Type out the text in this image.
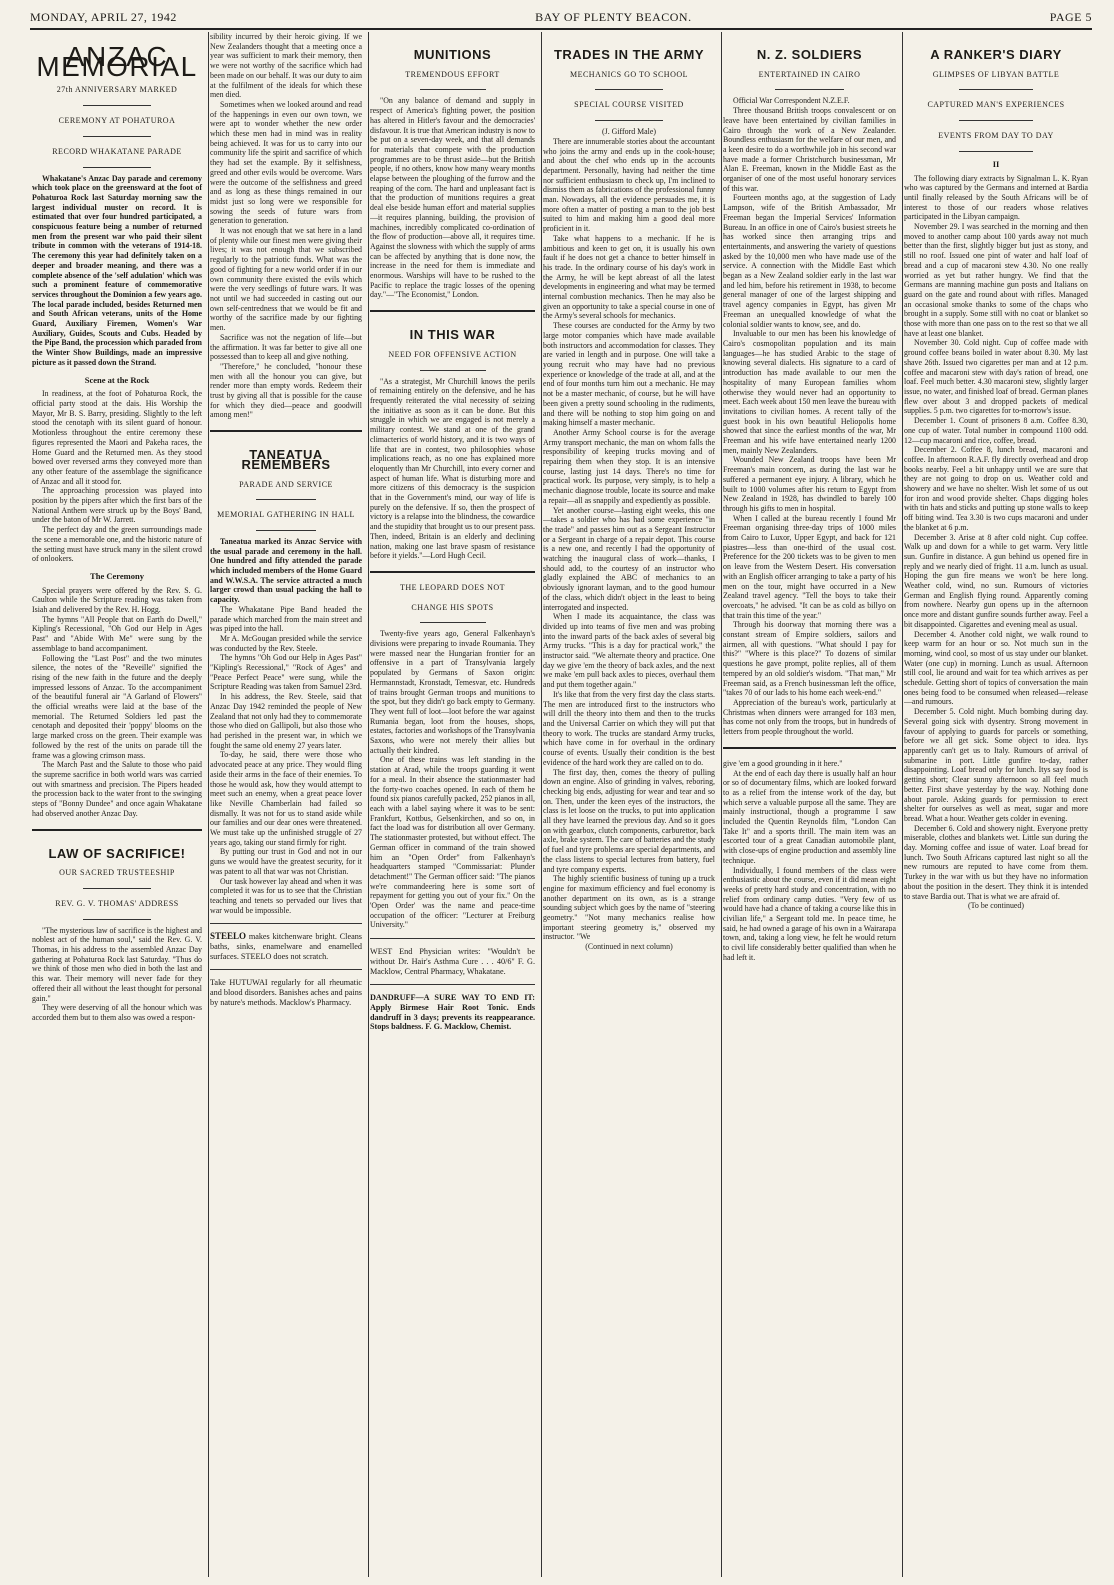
MONDAY, APRIL 27, 1942	BAY OF PLENTY BEACON.	PAGE 5
ANZAC MEMORIAL
27th ANNIVERSARY MARKED
CEREMONY AT POHATUROA
RECORD WHAKATANE PARADE

Whakatane's Anzac Day parade and ceremony which took place on the greensward at the foot of Pohaturoa Rock last Saturday morning saw the largest individual muster on record. It is estimated that over four hundred participated, a conspicuous feature being a number of returned men from the present war who paid their silent tribute in common with the veterans of 1914-18. The ceremony this year had definitely taken on a deeper and broader meaning, and there was a complete absence of the 'self adulation' which was such a prominent feature of commemorative services throughout the Dominion a few years ago. The local parade included, besides Returned men and South African veterans, units of the Home Guard, Auxiliary Firemen, Women's War Auxiliary, Guides, Scouts and Cubs. Headed by the Pipe Band, the procession which paraded from the Winter Show Buildings, made an impressive picture as it passed down the Strand.

Scene at the Rock

In readiness, at the foot of Pohaturoa Rock, the official party stood at the dais. His Worship the Mayor, Mr B. S. Barry, presiding. Slightly to the left stood the cenotaph with its silent guard of honour. Motionless throughout the entire ceremony these figures represented the Maori and Pakeha races, the Home Guard and the Returned men. As they stood bowed over reversed arms they conveyed more than any other feature of the assemblage the significance of Anzac and all it stood for.

The approaching procession was played into position by the pipers after which the first bars of the National Anthem were struck up by the Boys' Band, under the baton of Mr W. Jarrett.

The perfect day and the green surroundings made the scene a memorable one, and the historic nature of the setting must have struck many in the silent crowd of onlookers.

The Ceremony

Special prayers were offered by the Rev. S. G. Caulton while the Scripture reading was taken from Isiah and delivered by the Rev. H. Hogg.

The hymns "All People that on Earth do Dwell," Kipling's Recessional, "Oh God our Help in Ages Past" and "Abide With Me" were sung by the assemblage to band accompaniment.

Following the "Last Post" and the two minutes silence, the notes of the "Reveille" signified the rising of the new faith in the future and the deeply impressed lessons of Anzac. To the accompaniment of the beautiful funeral air "A Garland of Flowers" the official wreaths were laid at the base of the memorial. The Returned Soldiers led past the cenotaph and deposited their 'poppy' blooms on the large marked cross on the green. Their example was followed by the rest of the units on parade till the frame was a glowing crimson mass.

The March Past and the Salute to those who paid the supreme sacrifice in both world wars was carried out with smartness and precision. The Pipers headed the procession back to the water front to the swinging steps of "Bonny Dundee" and once again Whakatane had observed another Anzac Day.

LAW OF SACRIFICE!
OUR SACRED TRUSTEESHIP
REV. G. V. THOMAS' ADDRESS

"The mysterious law of sacrifice is the highest and noblest act of the human soul," said the Rev. G. V. Thomas, in his address to the assembled Anzac Day gathering at Pohaturoa Rock last Saturday. "Thus do we think of those men who died in both the last and this war. Their memory will never fade for they offered their all without the least thought for personal gain."

They were deserving of all the honour which was accorded them but to them also was owed a respon-

sibility incurred by their heroic giving. If we New Zealanders thought that a meeting once a year was sufficient to mark their memory, then we were not worthy of the sacrifice which had been made on our behalf. It was our duty to aim at the fulfilment of the ideals for which these men died.

Sometimes when we looked around and read of the happenings in even our own town, we were apt to wonder whether the new order which these men had in mind was in reality being achieved. It was for us to carry into our community life the spirit and sacrifice of which they had set the example. By it selfishness, greed and other evils would be overcome. Wars were the outcome of the selfishness and greed and as long as these things remained in our midst just so long were we responsible for sowing the seeds of future wars from generation to generation.

It was not enough that we sat here in a land of plenty while our finest men were giving their lives; it was not enough that we subscribed regularly to the patriotic funds. What was the good of fighting for a new world order if in our own community there existed the evils which were the very seedlings of future wars. It was not until we had succeeded in casting out our own self-centredness that we would be fit and worthy of the sacrifice made by our fighting men.

Sacrifice was not the negation of life—but the affirmation. It was far better to give all one possessed than to keep all and give nothing.

"Therefore," he concluded, "honour these men with all the honour you can give, but render more than empty words. Redeem their trust by giving all that is possible for the cause for which they died—peace and goodwill among men!"

TANEATUA REMEMBERS
PARADE AND SERVICE
MEMORIAL GATHERING IN HALL

Taneatua marked its Anzac Service with the usual parade and ceremony in the hall. One hundred and fifty attended the parade which included members of the Home Guard and W.W.S.A. The service attracted a much larger crowd than usual packing the hall to capacity.

The Whakatane Pipe Band headed the parade which marched from the main street and was piped into the hall.

Mr A. McGougan presided while the service was conducted by the Rev. Steele.

The hymns "Oh God our Help in Ages Past" "Kipling's Recessional," "Rock of Ages" and "Peace Perfect Peace" were sung, while the Scripture Reading was taken from Samuel 23rd.

In his address, the Rev. Steele, said that Anzac Day 1942 reminded the people of New Zealand that not only had they to commemorate those who died on Gallipoli, but also those who had perished in the present war, in which we fought the same old enemy 27 years later.

To-day, he said, there were those who advocated peace at any price. They would fling aside their arms in the face of their enemies. To those he would ask, how they would attempt to meet such an enemy, when a great peace lover like Neville Chamberlain had failed so dismally. It was not for us to stand aside while our families and our dear ones were threatened. We must take up the unfinished struggle of 27 years ago, taking our stand firmly for right.

By putting our trust in God and not in our guns we would have the greatest security, for it was patent to all that war was not Christian.

Our task however lay ahead and when it was completed it was for us to see that the Christian teaching and tenets so pervaded our lives that war would be impossible.

STEELO makes kitchenware bright. Cleans baths, sinks, enamelware and enamelled surfaces. STEELO does not scratch.

Take HUTUWAI regularly for all rheumatic and blood disorders. Banishes aches and pains by nature's methods. Macklow's Pharmacy.

MUNITIONS
TREMENDOUS EFFORT

"On any balance of demand and supply in respect of America's fighting power, the position has altered in Hitler's favour and the democracies' disfavour. It is true that American industry is now to be put on a seven-day week, and that all demands for materials that compete with the production programmes are to be thrust aside—but the British people, if no others, know how many weary months elapse between the ploughing of the furrow and the reaping of the corn. The hard and unpleasant fact is that the production of munitions requires a great deal else beside human effort and material supplies—it requires planning, building, the provision of machines, incredibly complicated co-ordination of the flow of production—above all, it requires time. Against the slowness with which the supply of arms can be affected by anything that is done now, the increase in the need for them is immediate and enormous. Warships will have to be rushed to the Pacific to replace the tragic losses of the opening day."—"The Economist," London.

IN THIS WAR
NEED FOR OFFENSIVE ACTION

"As a strategist, Mr Churchill knows the perils of remaining entirely on the defensive, and he has frequently reiterated the vital necessity of seizing the initiative as soon as it can be done. But this struggle in which we are engaged is not merely a military contest. We stand at one of the grand climacterics of world history, and it is two ways of life that are in contest, two philosophies whose implications reach, as no one has explained more eloquently than Mr Churchill, into every corner and aspect of human life. What is disturbing more and more citizens of this democracy is the suspicion that in the Government's mind, our way of life is purely on the defensive. If so, then the prospect of victory is a relapse into the blindness, the cowardice and the stupidity that brought us to our present pass. Then, indeed, Britain is an elderly and declining nation, making one last brave spasm of resistance before it yields."—Lord Hugh Cecil.

THE LEOPARD DOES NOT
CHANGE HIS SPOTS

Twenty-five years ago, General Falkenhayn's divisions were preparing to invade Roumania. They were massed near the Hungarian frontier for an offensive in a part of Transylvania largely populated by Germans of Saxon origin: Hermannstadt, Kronstadt, Temesvar, etc. Hundreds of trains brought German troops and munitions to the spot, but they didn't go back empty to Germany. They went full of loot—loot before the war against Rumania began, loot from the houses, shops, estates, factories and workshops of the Transylvania Saxons, who were not merely their allies but actually their kindred.

One of these trains was left standing in the station at Arad, while the troops guarding it went for a meal. In their absence the stationmaster had the forty-two coaches opened. In each of them he found six pianos carefully packed, 252 pianos in all, each with a label saying where it was to be sent: Frankfurt, Kottbus, Gelsenkirchen, and so on, in fact the load was for distribution all over Germany. The stationmaster protested, but without effect. The German officer in command of the train showed him an "Open Order" from Falkenhayn's headquarters stamped "Commissariat: Plunder detachment!" The German officer said: "The pianos we're commandeering here is some sort of repayment for getting you out of your fix." On the 'Open Order' was the name and peace-time occupation of the officer: "Lecturer at Freiburg University."

WEST End Physician writes: "Wouldn't be without Dr. Hair's Asthma Cure . . . 40/6" F. G. Macklow, Central Pharmacy, Whakatane.

DANDRUFF—A SURE WAY TO END IT: Apply Birmese Hair Root Tonic. Ends dandruff in 3 days; prevents its reappearance. Stops baldness. F. G. Macklow, Chemist.

TRADES IN THE ARMY
MECHANICS GO TO SCHOOL
SPECIAL COURSE VISITED

(J. Gifford Male)

There are innumerable stories about the accountant who joins the army and ends up in the cook-house; and about the chef who ends up in the accounts department. Personally, having had neither the time nor sufficient enthusiasm to check up, I'm inclined to dismiss them as fabrications of the professional funny man. Nowadays, all the evidence persuades me, it is more often a matter of posting a man to the job best suited to him and making him a good deal more proficient in it.

Take what happens to a mechanic. If he is ambitious and keen to get on, it is usually his own fault if he does not get a chance to better himself in his trade. In the ordinary course of his day's work in the Army, he will be kept abreast of all the latest developments in engineering and what may be termed internal combustion mechanics. Then he may also be given an opportunity to take a special course in one of the Army's several schools for mechanics.

These courses are conducted for the Army by two large motor companies which have made available both instructors and accommodation for classes. They are varied in length and in purpose. One will take a young recruit who may have had no previous experience or knowledge of the trade at all, and at the end of four months turn him out a mechanic. He may not be a master mechanic, of course, but he will have been given a pretty sound schooling in the rudiments, and there will be nothing to stop him going on and making himself a master mechanic.

Another Army School course is for the average Army transport mechanic, the man on whom falls the responsibility of keeping trucks moving and of repairing them when they stop. It is an intensive course, lasting just 14 days. There's no time for practical work. Its purpose, very simply, is to help a mechanic diagnose trouble, locate its source and make a repair—all as snappily and expediently as possible.

Yet another course—lasting eight weeks, this one—takes a soldier who has had some experience "in the trade" and passes him out as a Sergeant Instructor or a Sergeant in charge of a repair depot. This course is a new one, and recently I had the opportunity of watching the inaugural class of work—thanks, I should add, to the courtesy of an instructor who gladly explained the ABC of mechanics to an obviously ignorant layman, and to the good humour of the class, which didn't object in the least to being interrogated and inspected.

When I made its acquaintance, the class was divided up into teams of five men and was probing into the inward parts of the back axles of several big Army trucks. "This is a day for practical work," the instructor said. "We alternate theory and practice. One day we give 'em the theory of back axles, and the next we make 'em pull back axles to pieces, overhaul them and put them together again."

It's like that from the very first day the class starts. The men are introduced first to the instructors who will drill the theory into them and then to the trucks and the Universal Carrier on which they will put that theory to work. The trucks are standard Army trucks, which have come in for overhaul in the ordinary course of events. Usually their condition is the best evidence of the hard work they are called on to do.

The first day, then, comes the theory of pulling down an engine. Also of grinding in valves, reboring, checking big ends, adjusting for wear and tear and so on. Then, under the keen eyes of the instructors, the class is let loose on the trucks, to put into application all they have learned the previous day. And so it goes on with gearbox, clutch components, carburettor, back axle, brake system. The care of batteries and the study of fuel and tyre problems are special departments, and the class listens to special lectures from battery, fuel and tyre company experts.

The highly scientific business of tuning up a truck engine for maximum efficiency and fuel economy is another department on its own, as is a strange sounding subject which goes by the name of "steering geometry." "Not many mechanics realise how important steering geometry is," observed my instructor. "We

(Continued in next column)

N. Z. SOLDIERS
ENTERTAINED IN CAIRO

Official War Correspondent N.Z.E.F.

Three thousand British troops convalescent or on leave have been entertained by civilian families in Cairo through the work of a New Zealander. Boundless enthusiasm for the welfare of our men, and a keen desire to do a worthwhile job in his second war have made a former Christchurch businessman, Mr Alan E. Freeman, known in the Middle East as the organiser of one of the most useful honorary services of this war.

Fourteen months ago, at the suggestion of Lady Lampson, wife of the British Ambassador, Mr Freeman began the Imperial Services' Information Bureau. In an office in one of Cairo's busiest streets he has worked since then arranging trips and entertainments, and answering the variety of questions asked by the 10,000 men who have made use of the service. A connection with the Middle East which began as a New Zealand soldier early in the last war and led him, before his retirement in 1938, to become general manager of one of the largest shipping and travel agency companies in Egypt, has given Mr Freeman an unequalled knowledge of what the colonial soldier wants to know, see, and do.

Invaluable to our men has been his knowledge of Cairo's cosmopolitan population and its main languages—he has studied Arabic to the stage of knowing several dialects. His signature to a card of introduction has made available to our men the hospitality of many European families whom otherwise they would never had an opportunity to meet. Each week about 150 men leave the bureau with invitations to civilian homes. A recent tally of the guest book in his own beautiful Heliopolis home showed that since the earliest months of the war, Mr Freeman and his wife have entertained nearly 1200 men, mainly New Zealanders.

Wounded New Zealand troops have been Mr Freeman's main concern, as during the last war he suffered a permanent eye injury. A library, which he built to 1000 volumes after his return to Egypt from New Zealand in 1928, has dwindled to barely 100 through his gifts to men in hospital.

When I called at the bureau recently I found Mr Freeman organising three-day trips of 1000 miles from Cairo to Luxor, Upper Egypt, and back for 121 piastres—less than one-third of the usual cost. Preference for the 200 tickets was to be given to men on leave from the Western Desert. His conversation with an English officer arranging to take a party of his men on the tour, might have occurred in a New Zealand travel agency. "Tell the boys to take their overcoats," he advised. "It can be as cold as billyo on that train this time of the year."

Through his doorway that morning there was a constant stream of Empire soldiers, sailors and airmen, all with questions. "What should I pay for this?" "Where is this place?" To dozens of similar questions he gave prompt, polite replies, all of them tempered by an old soldier's wisdom. "That man," Mr Freeman said, as a French businessman left the office, "takes 70 of our lads to his home each week-end."

Appreciation of the bureau's work, particularly at Christmas when dinners were arranged for 183 men, has come not only from the troops, but in hundreds of letters from people throughout the world.

give 'em a good grounding in it here."

At the end of each day there is usually half an hour or so of documentary films, which are looked forward to as a relief from the intense work of the day, but which serve a valuable purpose all the same. They are mainly instructional, though a programme I saw included the Quentin Reynolds film, "London Can Take It" and a sports thrill. The main item was an escorted tour of a great Canadian automobile plant, with close-ups of engine production and assembly line technique.

Individually, I found members of the class were enthusiastic about the course, even if it did mean eight weeks of pretty hard study and concentration, with no relief from ordinary camp duties. "Very few of us would have had a chance of taking a course like this in civilian life," a Sergeant told me. In peace time, he said, he had owned a garage of his own in a Wairarapa town, and, taking a long view, he felt he would return to civil life considerably better qualified than when he had left it.

A RANKER'S DIARY
GLIMPSES OF LIBYAN BATTLE
CAPTURED MAN'S EXPERIENCES
EVENTS FROM DAY TO DAY
II

The following diary extracts by Signalman L. K. Ryan who was captured by the Germans and interned at Bardia until finally released by the South Africans will be of interest to those of our readers whose relatives participated in the Libyan campaign.

November 29. I was searched in the morning and then moved to another camp about 100 yards away not much better than the first, slightly bigger but just as stony, and still no roof. Issued one pint of water and half loaf of bread and a cup of macaroni stew 4.30. No one really worried as yet but rather hungry. We find that the Germans are manning machine gun posts and Italians on guard on the gate and round about with rifles. Managed an occasional smoke thanks to some of the chaps who brought in a supply. Some still with no coat or blanket so those with more than one pass on to the rest so that we all have at least one blanket.

November 30. Cold night. Cup of coffee made with ground coffee beans boiled in water about 8.30. My last shave 26th. Issued two cigarettes per man and at 12 p.m. coffee and macaroni stew with day's ration of bread, one loaf. Feel much better. 4.30 macaroni stew, slightly larger issue, no water, and finished loaf of bread. German planes flew over about 3 and dropped packets of medical supplies. 5 p.m. two cigarettes for to-morrow's issue.

December 1. Count of prisoners 8 a.m. Coffee 8.30, one cup of water. Total number in compound 1100 odd. 12—cup macaroni and rice, coffee, bread.

December 2. Coffee 8, lunch bread, macaroni and coffee. In afternoon R.A.F. fly directly overhead and drop books nearby. Feel a bit unhappy until we are sure that they are not going to drop on us. Weather cold and showery and we have no shelter. Wish let some of us out for iron and wood provide shelter. Chaps digging holes with tin hats and sticks and putting up stone walls to keep off biting wind. Tea 3.30 is two cups macaroni and under the blanket at 6 p.m.

December 3. Arise at 8 after cold night. Cup coffee. Walk up and down for a while to get warm. Very little sun. Gunfire in distance. A gun behind us opened fire in reply and we nearly died of fright. 11 a.m. lunch as usual. Hoping the gun fire means we won't be here long. Weather cold, wind, no sun. Rumours of victories German and English flying round. Apparently coming from nowhere. Nearby gun opens up in the afternoon once more and distant gunfire sounds further away. Feel a bit disappointed. Cigarettes and evening meal as usual.

December 4. Another cold night, we walk round to keep warm for an hour or so. Not much sun in the morning, wind cool, so most of us stay under our blanket. Water (one cup) in morning. Lunch as usual. Afternoon still cool, lie around and wait for tea which arrives as per schedule. Getting short of topics of conversation the main ones being food to be consumed when released—release—and rumours.

December 5. Cold night. Much bombing during day. Several going sick with dysentry. Strong movement in favour of applying to guards for parcels or something, before we all get sick. Some object to idea. Itys apparently can't get us to Italy. Rumours of arrival of submarine in port. Little gunfire to-day, rather disappointing. Loaf bread only for lunch. Itys say food is getting short; Clear sunny afternoon so all feel much better. First shave yesterday by the way. Nothing done about parole. Asking guards for permission to erect shelter for ourselves as well as meat, sugar and more bread. What a hour. Weather gets colder in evening.

December 6. Cold and showery night. Everyone pretty miserable, clothes and blankets wet. Little sun during the day. Morning coffee and issue of water. Loaf bread for lunch. Two South Africans captured last night so all the new rumours are reputed to have come from them. Turkey in the war with us but they have no information about the position in the desert. They think it is intended to stave Bardia out. That is what we are afraid of.

(To be continued)
